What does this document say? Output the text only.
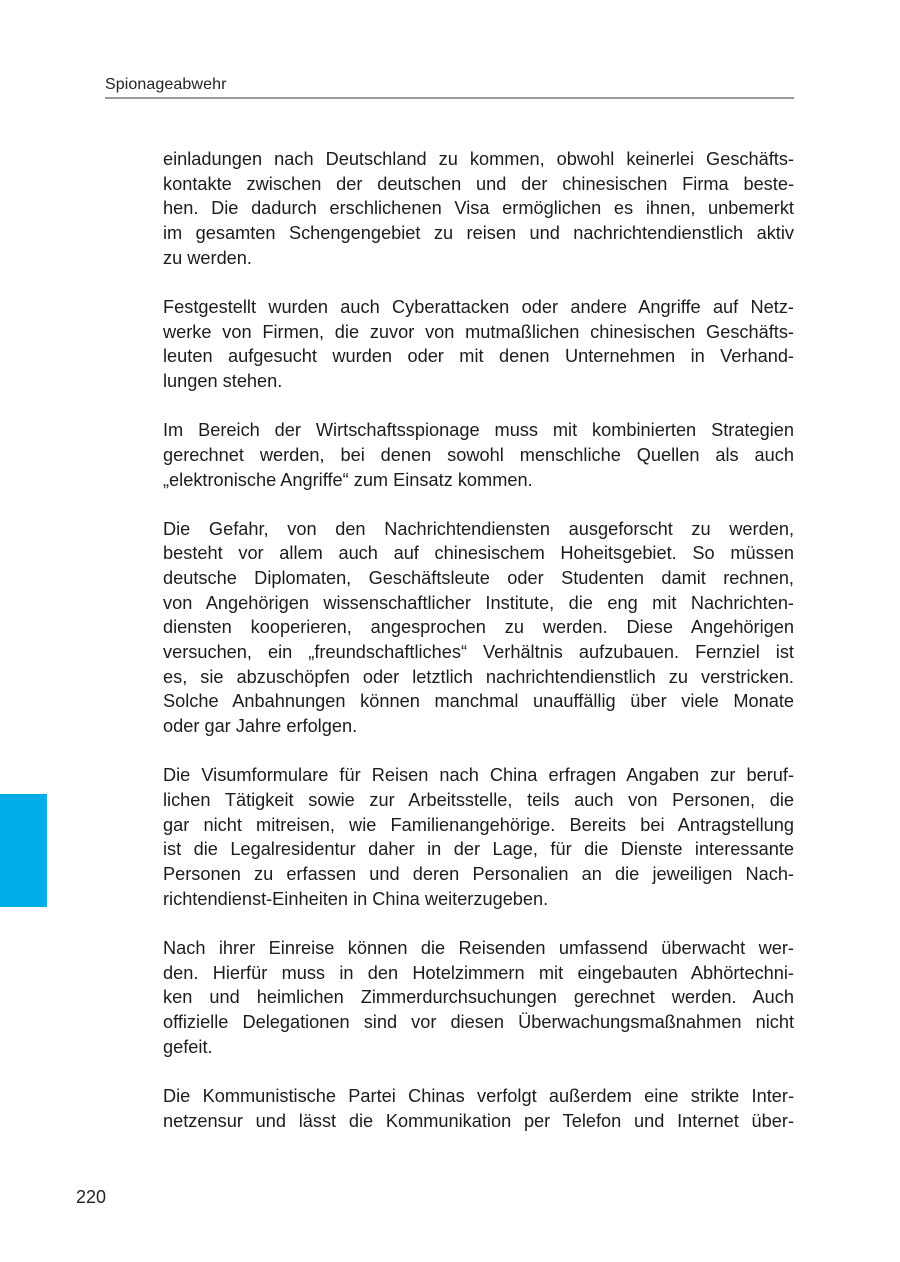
Spionageabwehr

einladungen nach Deutschland zu kommen, obwohl keinerlei Geschäfts-
kontakte zwischen der deutschen und der chinesischen Firma beste-
hen. Die dadurch erschlichenen Visa ermöglichen es ihnen, unbemerkt
im gesamten Schengengebiet zu reisen und nachrichtendienstlich aktiv
zu werden.

Festgestellt wurden auch Cyberattacken oder andere Angriffe auf Netz-
werke von Firmen, die zuvor von mutmaßlichen chinesischen Geschäfts-
leuten aufgesucht wurden oder mit denen Unternehmen in Verhand-
lungen stehen.

Im Bereich der Wirtschaftsspionage muss mit kombinierten Strategien
gerechnet werden, bei denen sowohl menschliche Quellen als auch
„elektronische Angriffe“ zum Einsatz kommen.

Die Gefahr, von den Nachrichtendiensten ausgeforscht zu werden,
besteht vor allem auch auf chinesischem Hoheitsgebiet. So müssen
deutsche Diplomaten, Geschäftsleute oder Studenten damit rechnen,
von Angehörigen wissenschaftlicher Institute, die eng mit Nachrichten-
diensten kooperieren, angesprochen zu werden. Diese Angehörigen
versuchen, ein „freundschaftliches“ Verhältnis aufzubauen. Fernziel ist
es, sie abzuschöpfen oder letztlich nachrichtendienstlich zu verstricken.
Solche Anbahnungen können manchmal unauffällig über viele Monate
oder gar Jahre erfolgen.

Die Visumformulare für Reisen nach China erfragen Angaben zur beruf-
lichen Tätigkeit sowie zur Arbeitsstelle, teils auch von Personen, die
gar nicht mitreisen, wie Familienangehörige. Bereits bei Antragstellung
ist die Legalresidentur daher in der Lage, für die Dienste interessante
Personen zu erfassen und deren Personalien an die jeweiligen Nach-
richtendienst-Einheiten in China weiterzugeben.

Nach ihrer Einreise können die Reisenden umfassend überwacht wer-
den. Hierfür muss in den Hotelzimmern mit eingebauten Abhörtechni-
ken und heimlichen Zimmerdurchsuchungen gerechnet werden. Auch
offizielle Delegationen sind vor diesen Überwachungsmaßnahmen nicht
gefeit.

Die Kommunistische Partei Chinas verfolgt außerdem eine strikte Inter-
netzensur und lässt die Kommunikation per Telefon und Internet über-

220
